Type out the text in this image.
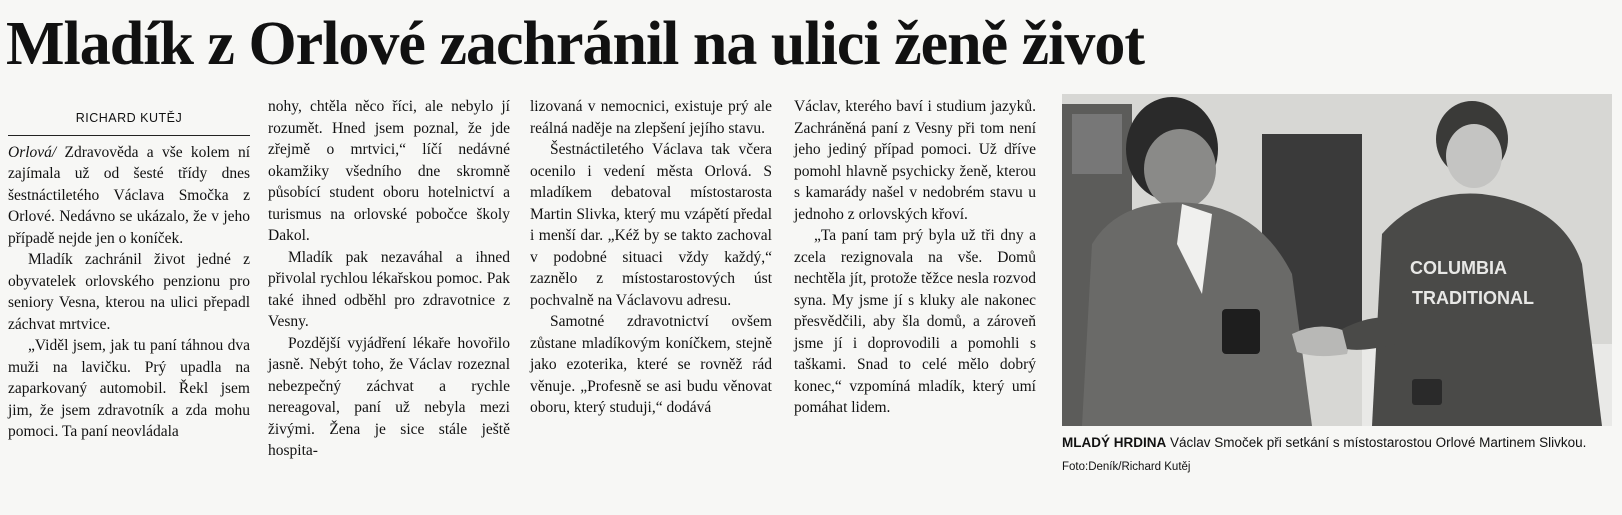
Mladík z Orlové zachránil na ulici ženě život
RICHARD KUTĚJ

Orlová/ Zdravověda a vše kolem ní zajímala už od šesté třídy dnes šestnáctiletého Václava Smočka z Orlové. Nedávno se ukázalo, že v jeho případě nejde jen o koníček.

Mladík zachránil život jedné z obyvatelek orlovského penzionu pro seniory Vesna, kterou na ulici přepadl záchvat mrtvice.

„Viděl jsem, jak tu paní táhnou dva muži na lavičku. Prý upadla na zaparkovaný automobil. Řekl jsem jim, že jsem zdravotník a zda mohu pomoci. Ta paní neovládala

nohy, chtěla něco říci, ale nebylo jí rozumět. Hned jsem poznal, že jde zřejmě o mrtvici,“ líčí nedávné okamžiky všedního dne skromně působící student oboru hotelnictví a turismus na orlovské pobočce školy Dakol.

Mladík pak nezaváhal a ihned přivolal rychlou lékařskou pomoc. Pak také ihned odběhl pro zdravotnice z Vesny.

Pozdější vyjádření lékaře hovořilo jasně. Nebýt toho, že Václav rozeznal nebezpečný záchvat a rychle nereagoval, paní už nebyla mezi živými. Žena je sice stále ještě hospita-

lizovaná v nemocnici, existuje prý ale reálná naděje na zlepšení jejího stavu.

Šestnáctiletého Václava tak včera ocenilo i vedení města Orlová. S mladíkem debatoval místostarosta Martin Slivka, který mu vzápětí předal i menší dar. „Kéž by se takto zachoval v podobné situaci vždy každý,“ zaznělo z místostarostových úst pochvalně na Václavovu adresu.

Samotné zdravotnictví ovšem zůstane mladíkovým koníčkem, stejně jako ezoterika, které se rovněž rád věnuje. „Profesně se asi budu věnovat oboru, který studuji,“ dodává

Václav, kterého baví i studium jazyků. Zachráněná paní z Vesny při tom není jeho jediný případ pomoci. Už dříve pomohl hlavně psychicky ženě, kterou s kamarády našel v nedobrém stavu u jednoho z orlovských křoví.

„Ta paní tam prý byla už tři dny a zcela rezignovala na vše. Domů nechtěla jít, protože těžce nesla rozvod syna. My jsme jí s kluky ale nakonec přesvědčili, aby šla domů, a zároveň jsme jí i doprovodili a pomohli s taškami. Snad to celé mělo dobrý konec,“ vzpomíná mladík, který umí pomáhat lidem.

COLUMBIA
TRADITIONAL
MLADÝ HRDINA Václav Smoček při setkání s místostarostou Orlové Martinem Slivkou. Foto:Deník/Richard Kutěj
